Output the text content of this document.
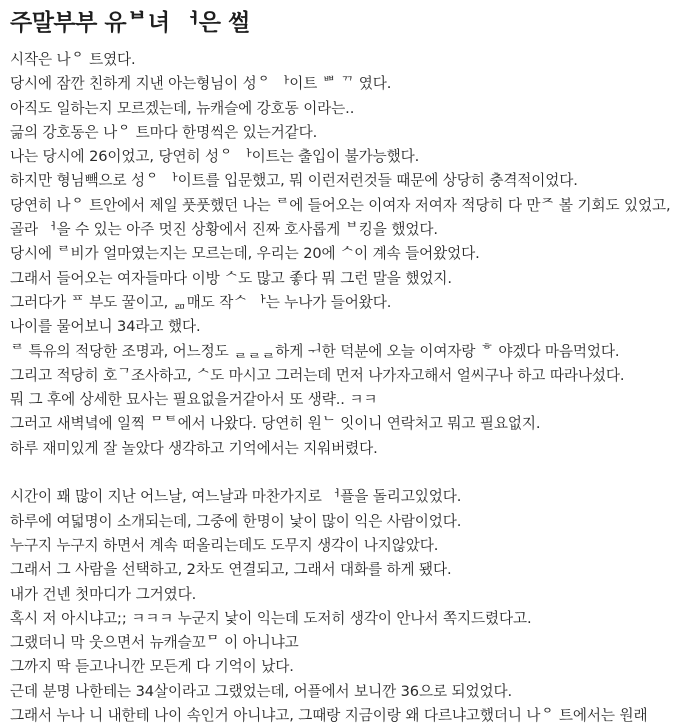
주말부부 유ᄇ녀 ᅥ은 썰
시작은 나ᄋ 트였다.
당시에 잠깐 친하게 지낸 아는형님이 성ᄋ ᅡ이트 ᄈ ᄁ 였다.
아직도 일하는지 모르겠는데, 뉴캐슬에 강호동 이라는..
긂의 강호동은 나ᄋ 트마다 한명씩은 있는거같다.
나는 당시에 26이었고, 당연히 성ᄋ ᅡ이트는 출입이 불가능했다.
하지만 형님빽으로 성ᄋ ᅡ이트를 입문했고, 뭐 이런저런것들 때문에 상당히 충격적이었다.
당연히 나ᄋ 트안에서 제일 풋풋했던 나는 ᄅ에 들어오는 이여자 저여자 적당히 다 만ᄌ 볼 기회도 있었고,
골라 ᅥ을 수 있는 아주 멋진 상황에서 진짜 호사롭게 ᄇ킹을 했었다.
당시에 ᄅ비가 얼마였는지는 모르는데, 우리는 20에 ᄉ이 계속 들어왔었다.
그래서 들어오는 여자들마다 이방 ᄉ도 많고 좋다 뭐 그런 말을 했었지.
그러다가 ᄑ 부도 꿀이고, ᆱ매도 작ᄉ ᅡ는 누나가 들어왔다.
나이를 물어보니 34라고 했다.
ᄅ 특유의 적당한 조명과, 어느정도 ᆯᆯᆯ하게 ᅱ한 덕분에 오늘 이여자랑 ᄒ 야겠다 마음먹었다.
그리고 적당히 호ᄀ조사하고, ᄉ도 마시고 그러는데 먼저 나가자고해서 얼씨구나 하고 따라나섰다.
뭐 그 후에 상세한 묘사는 필요없을거같아서 또 생략.. ㅋㅋ
그러고 새벽녘에 일찍 ᄆᄐ에서 나왔다. 당연히 원ᄂ 잇이니 연락처고 뭐고 필요없지.
하루 재미있게 잘 놀았다 생각하고 기억에서는 지워버렸다.
시간이 꽤 많이 지난 어느날, 여느날과 마찬가지로 ᅥ플을 돌리고있었다.
하루에 여덟명이 소개되는데, 그중에 한명이 낯이 많이 익은 사람이었다.
누구지 누구지 하면서 계속 떠올리는데도 도무지 생각이 나지않았다.
그래서 그 사람을 선택하고, 2차도 연결되고, 그래서 대화를 하게 됐다.
내가 건넨 첫마디가 그거였다.
혹시 저 아시냐고;; ㅋㅋㅋ 누군지 낯이 익는데 도저히 생각이 안나서 쪽지드렸다고.
그랬더니 막 웃으면서 뉴캐슬꼬ᄆ 이 아니냐고
그까지 딱 듣고나니깐 모든게 다 기억이 났다.
근데 분명 나한테는 34살이라고 그랬었는데, 어플에서 보니깐 36으로 되었었다.
그래서 누나 니 내한테 나이 속인거 아니냐고, 그때랑 지금이랑 왜 다르냐고했더니 나ᄋ 트에서는 원래
